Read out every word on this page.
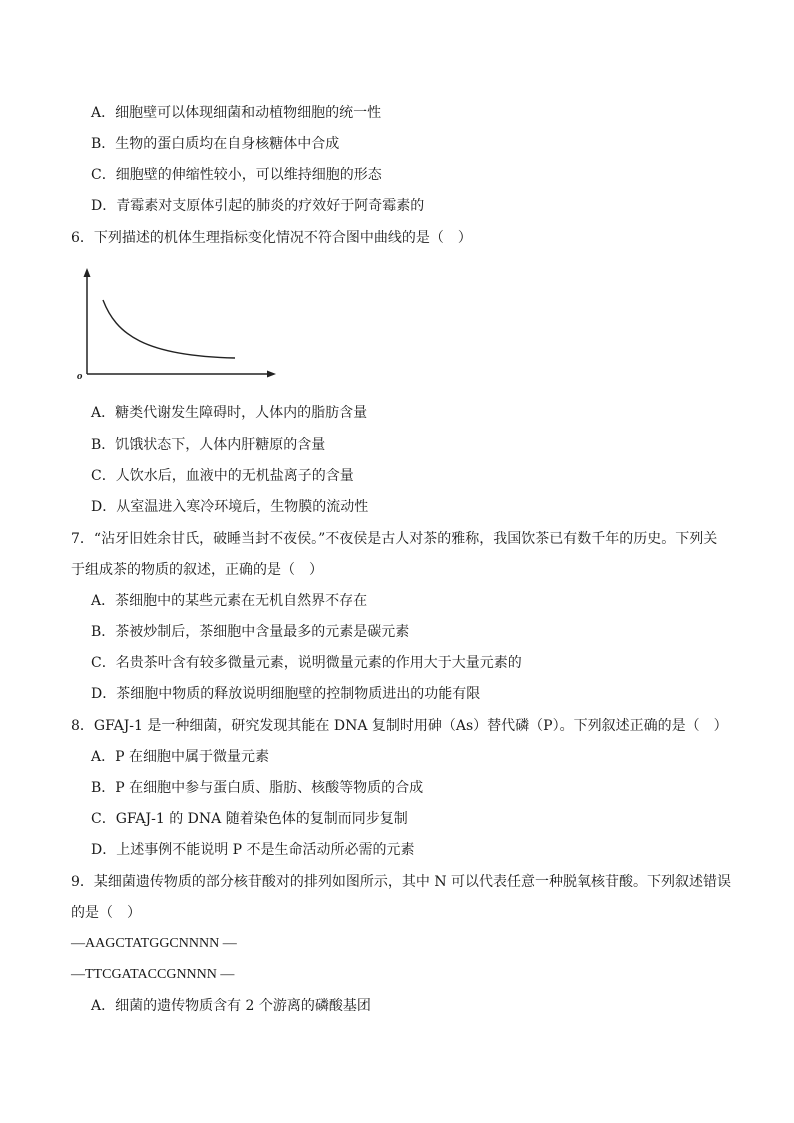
A．细胞壁可以体现细菌和动植物细胞的统一性
B．生物的蛋白质均在自身核糖体中合成
C．细胞壁的伸缩性较小，可以维持细胞的形态
D．青霉素对支原体引起的肺炎的疗效好于阿奇霉素的
6．下列描述的机体生理指标变化情况不符合图中曲线的是（　）
o
A．糖类代谢发生障碍时，人体内的脂肪含量
B．饥饿状态下，人体内肝糖原的含量
C．人饮水后，血液中的无机盐离子的含量
D．从室温进入寒冷环境后，生物膜的流动性
7．“沾牙旧姓余甘氏，破睡当封不夜侯。”不夜侯是古人对茶的雅称，我国饮茶已有数千年的历史。下列关
于组成茶的物质的叙述，正确的是（　）
A．茶细胞中的某些元素在无机自然界不存在
B．茶被炒制后，茶细胞中含量最多的元素是碳元素
C．名贵茶叶含有较多微量元素，说明微量元素的作用大于大量元素的
D．茶细胞中物质的释放说明细胞壁的控制物质进出的功能有限
8．GFAJ-1 是一种细菌，研究发现其能在 DNA 复制时用砷（As）替代磷（P）。下列叙述正确的是（　）
A．P 在细胞中属于微量元素
B．P 在细胞中参与蛋白质、脂肪、核酸等物质的合成
C．GFAJ-1 的 DNA 随着染色体的复制而同步复制
D．上述事例不能说明 P 不是生命活动所必需的元素
9．某细菌遗传物质的部分核苷酸对的排列如图所示，其中 N 可以代表任意一种脱氧核苷酸。下列叙述错误
的是（　）
—AAGCTATGGCNNNN —
—TTCGATACCGNNNN —
A．细菌的遗传物质含有 2 个游离的磷酸基团
